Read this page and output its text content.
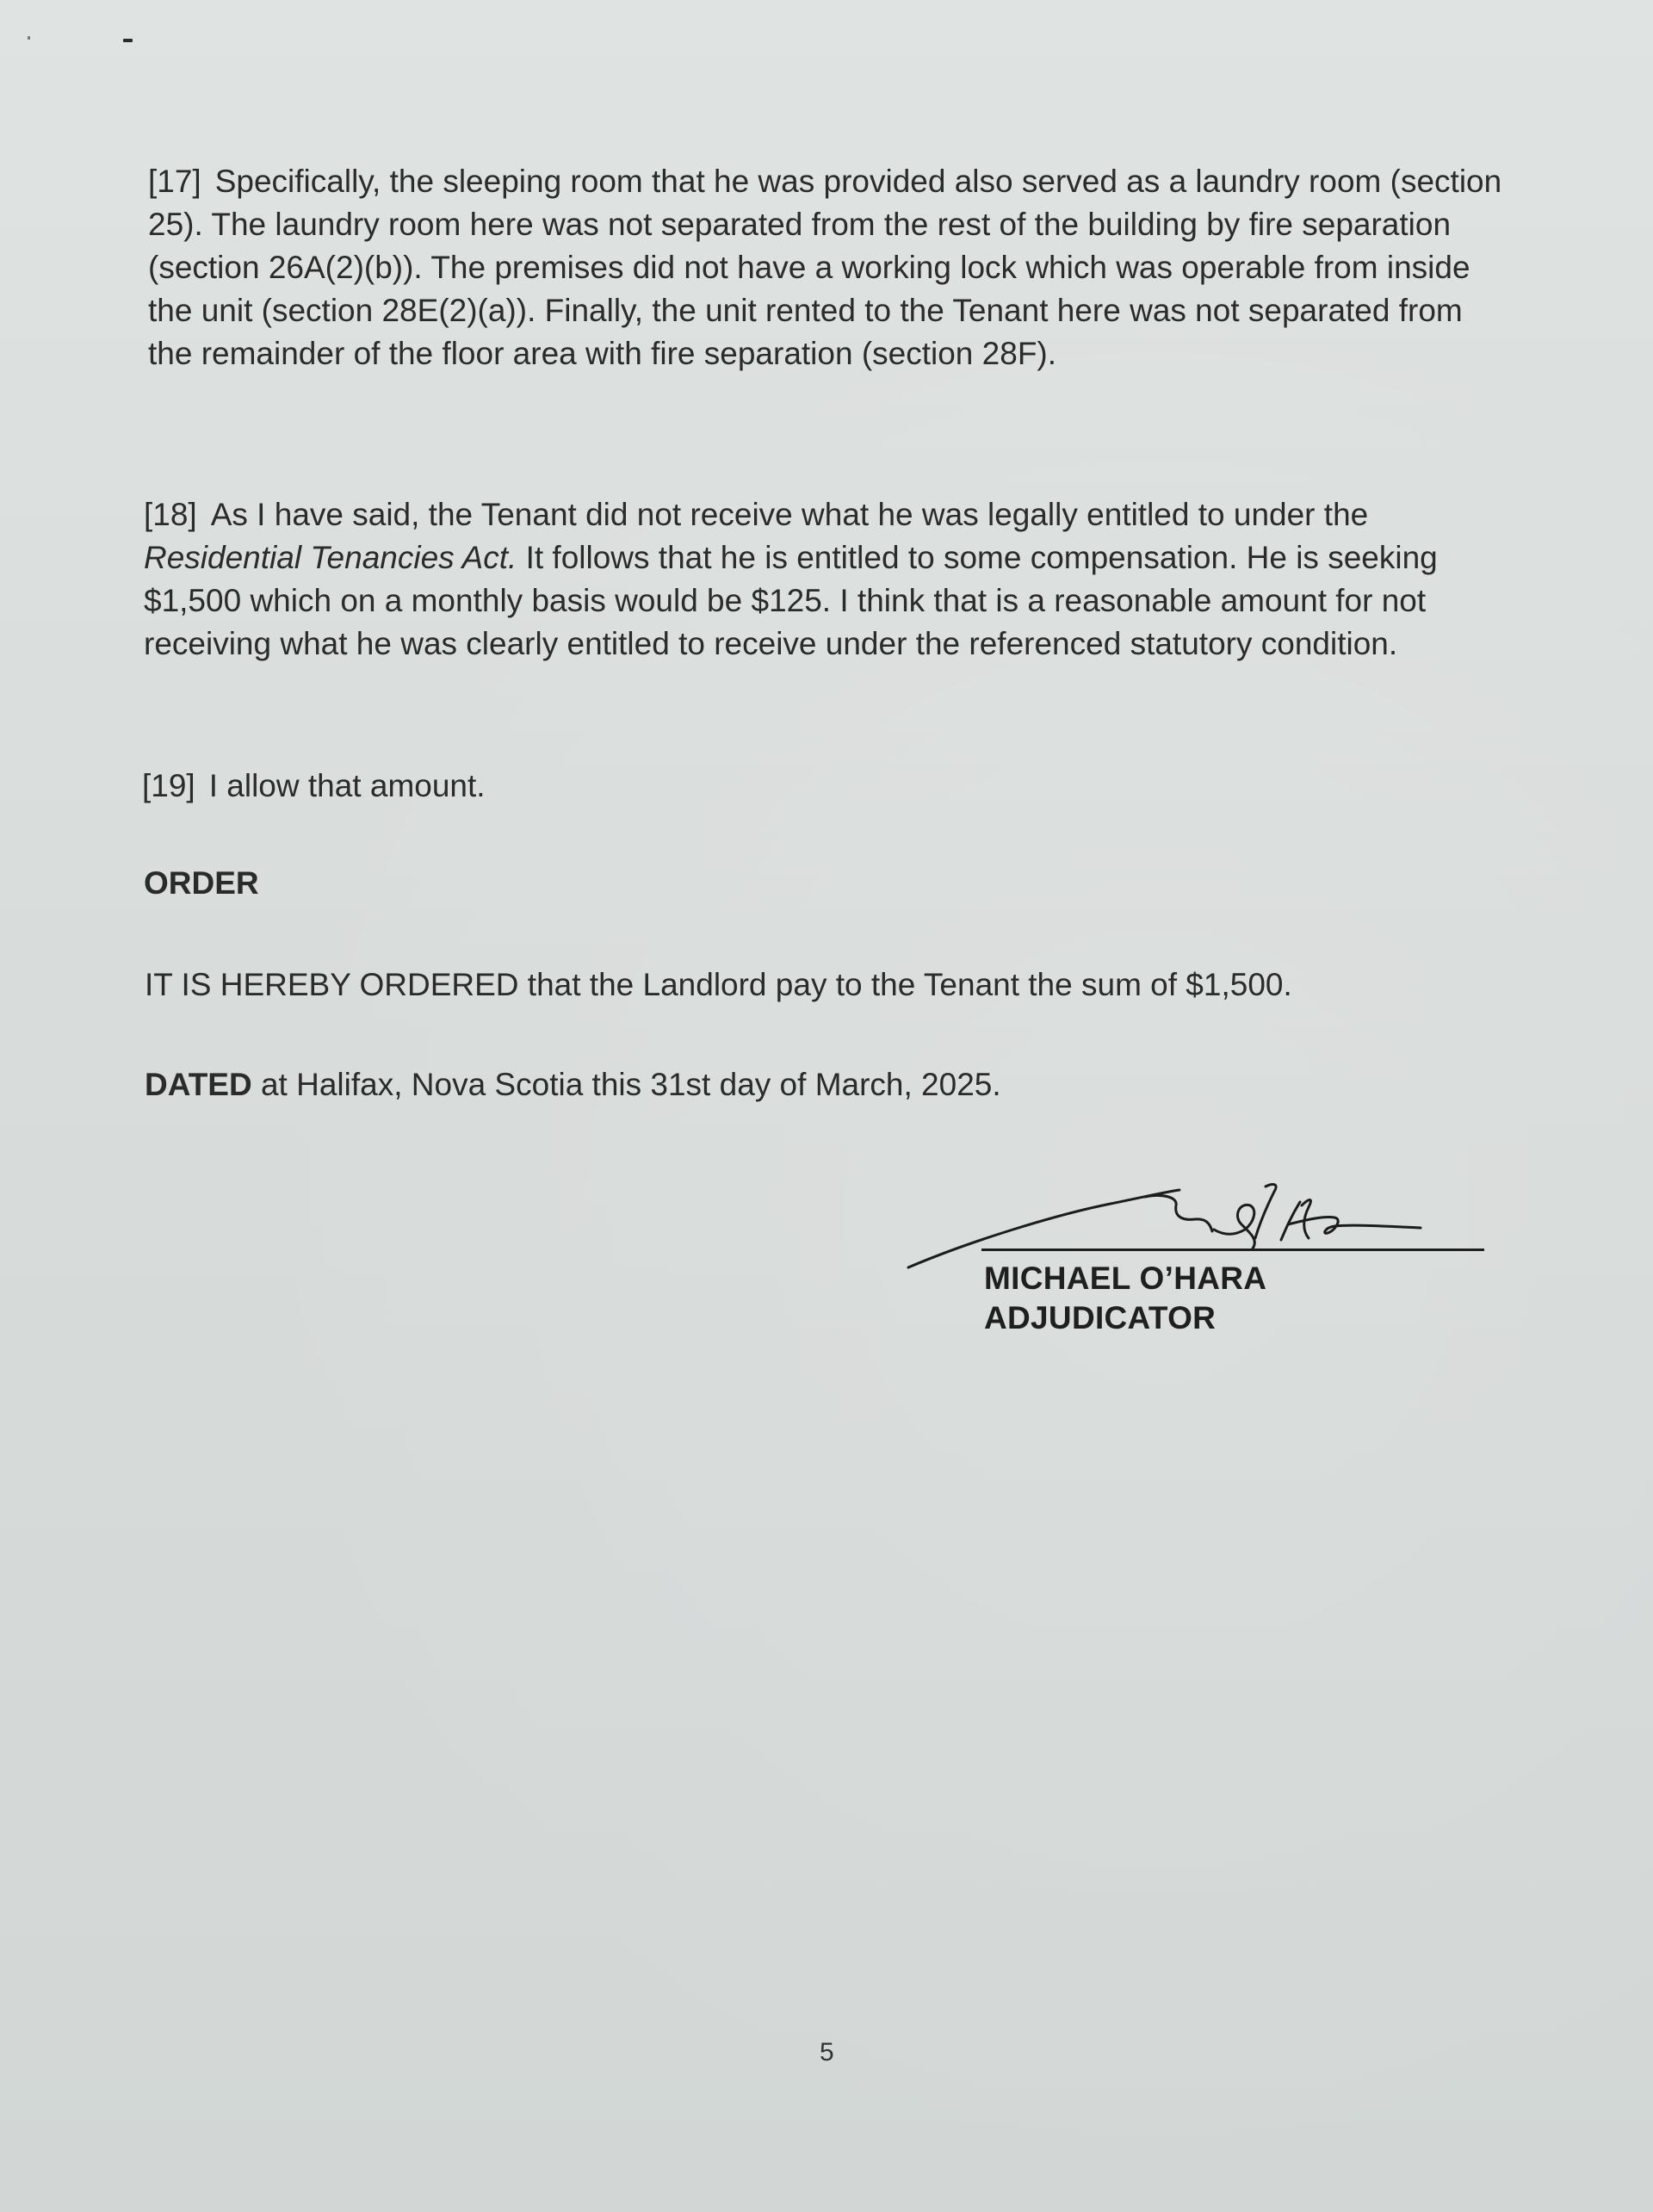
[17] Specifically, the sleeping room that he was provided also served as a laundry room (section 25). The laundry room here was not separated from the rest of the building by fire separation (section 26A(2)(b)). The premises did not have a working lock which was operable from inside the unit (section 28E(2)(a)). Finally, the unit rented to the Tenant here was not separated from the remainder of the floor area with fire separation (section 28F).

[18] As I have said, the Tenant did not receive what he was legally entitled to under the Residential Tenancies Act. It follows that he is entitled to some compensation. He is seeking $1,500 which on a monthly basis would be $125. I think that is a reasonable amount for not receiving what he was clearly entitled to receive under the referenced statutory condition.

[19] I allow that amount.

ORDER

IT IS HEREBY ORDERED that the Landlord pay to the Tenant the sum of $1,500.

DATED at Halifax, Nova Scotia this 31st day of March, 2025.

MICHAEL O’HARA

ADJUDICATOR

5
